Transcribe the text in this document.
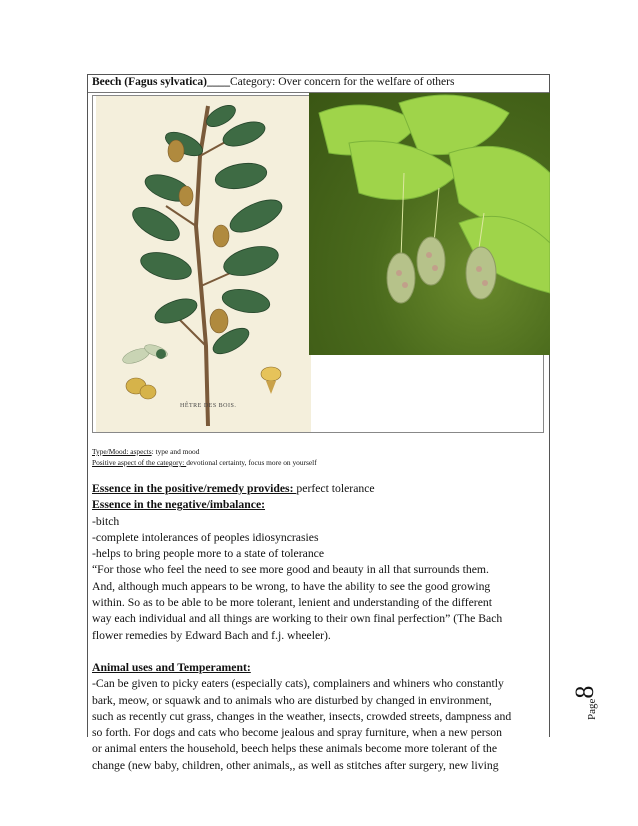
Beech (Fagus sylvatica)____Category: Over concern for the welfare of others
HÊTRE DES BOIS.
Type/Mood: aspects: type and mood
Positive aspect of the category: devotional certainty, focus more on yourself

Essence in the positive/remedy provides: perfect tolerance

Essence in the negative/imbalance:

-bitch

-complete intolerances of peoples idiosyncrasies

-helps to bring people more to a state of tolerance

“For those who feel the need to see more good and beauty in all that surrounds them.

And, although much appears to be wrong, to have the ability to see the good growing

within. So as to be able to be more tolerant, lenient and understanding of the different

way each individual and all things are working to their own final perfection” (The Bach

flower remedies by Edward Bach and f.j. wheeler).

Animal uses and Temperament:

-Can be given to picky eaters (especially cats), complainers and whiners who constantly

bark, meow, or squawk and to animals who are disturbed by changed in environment,

such as recently cut grass, changes in the weather, insects, crowded streets, dampness and

so forth. For dogs and cats who become jealous and spray furniture, when a new person

or animal enters the household, beech helps these animals become more tolerant of the

change (new baby, children, other animals,, as well as stitches after surgery, new living

Page8
